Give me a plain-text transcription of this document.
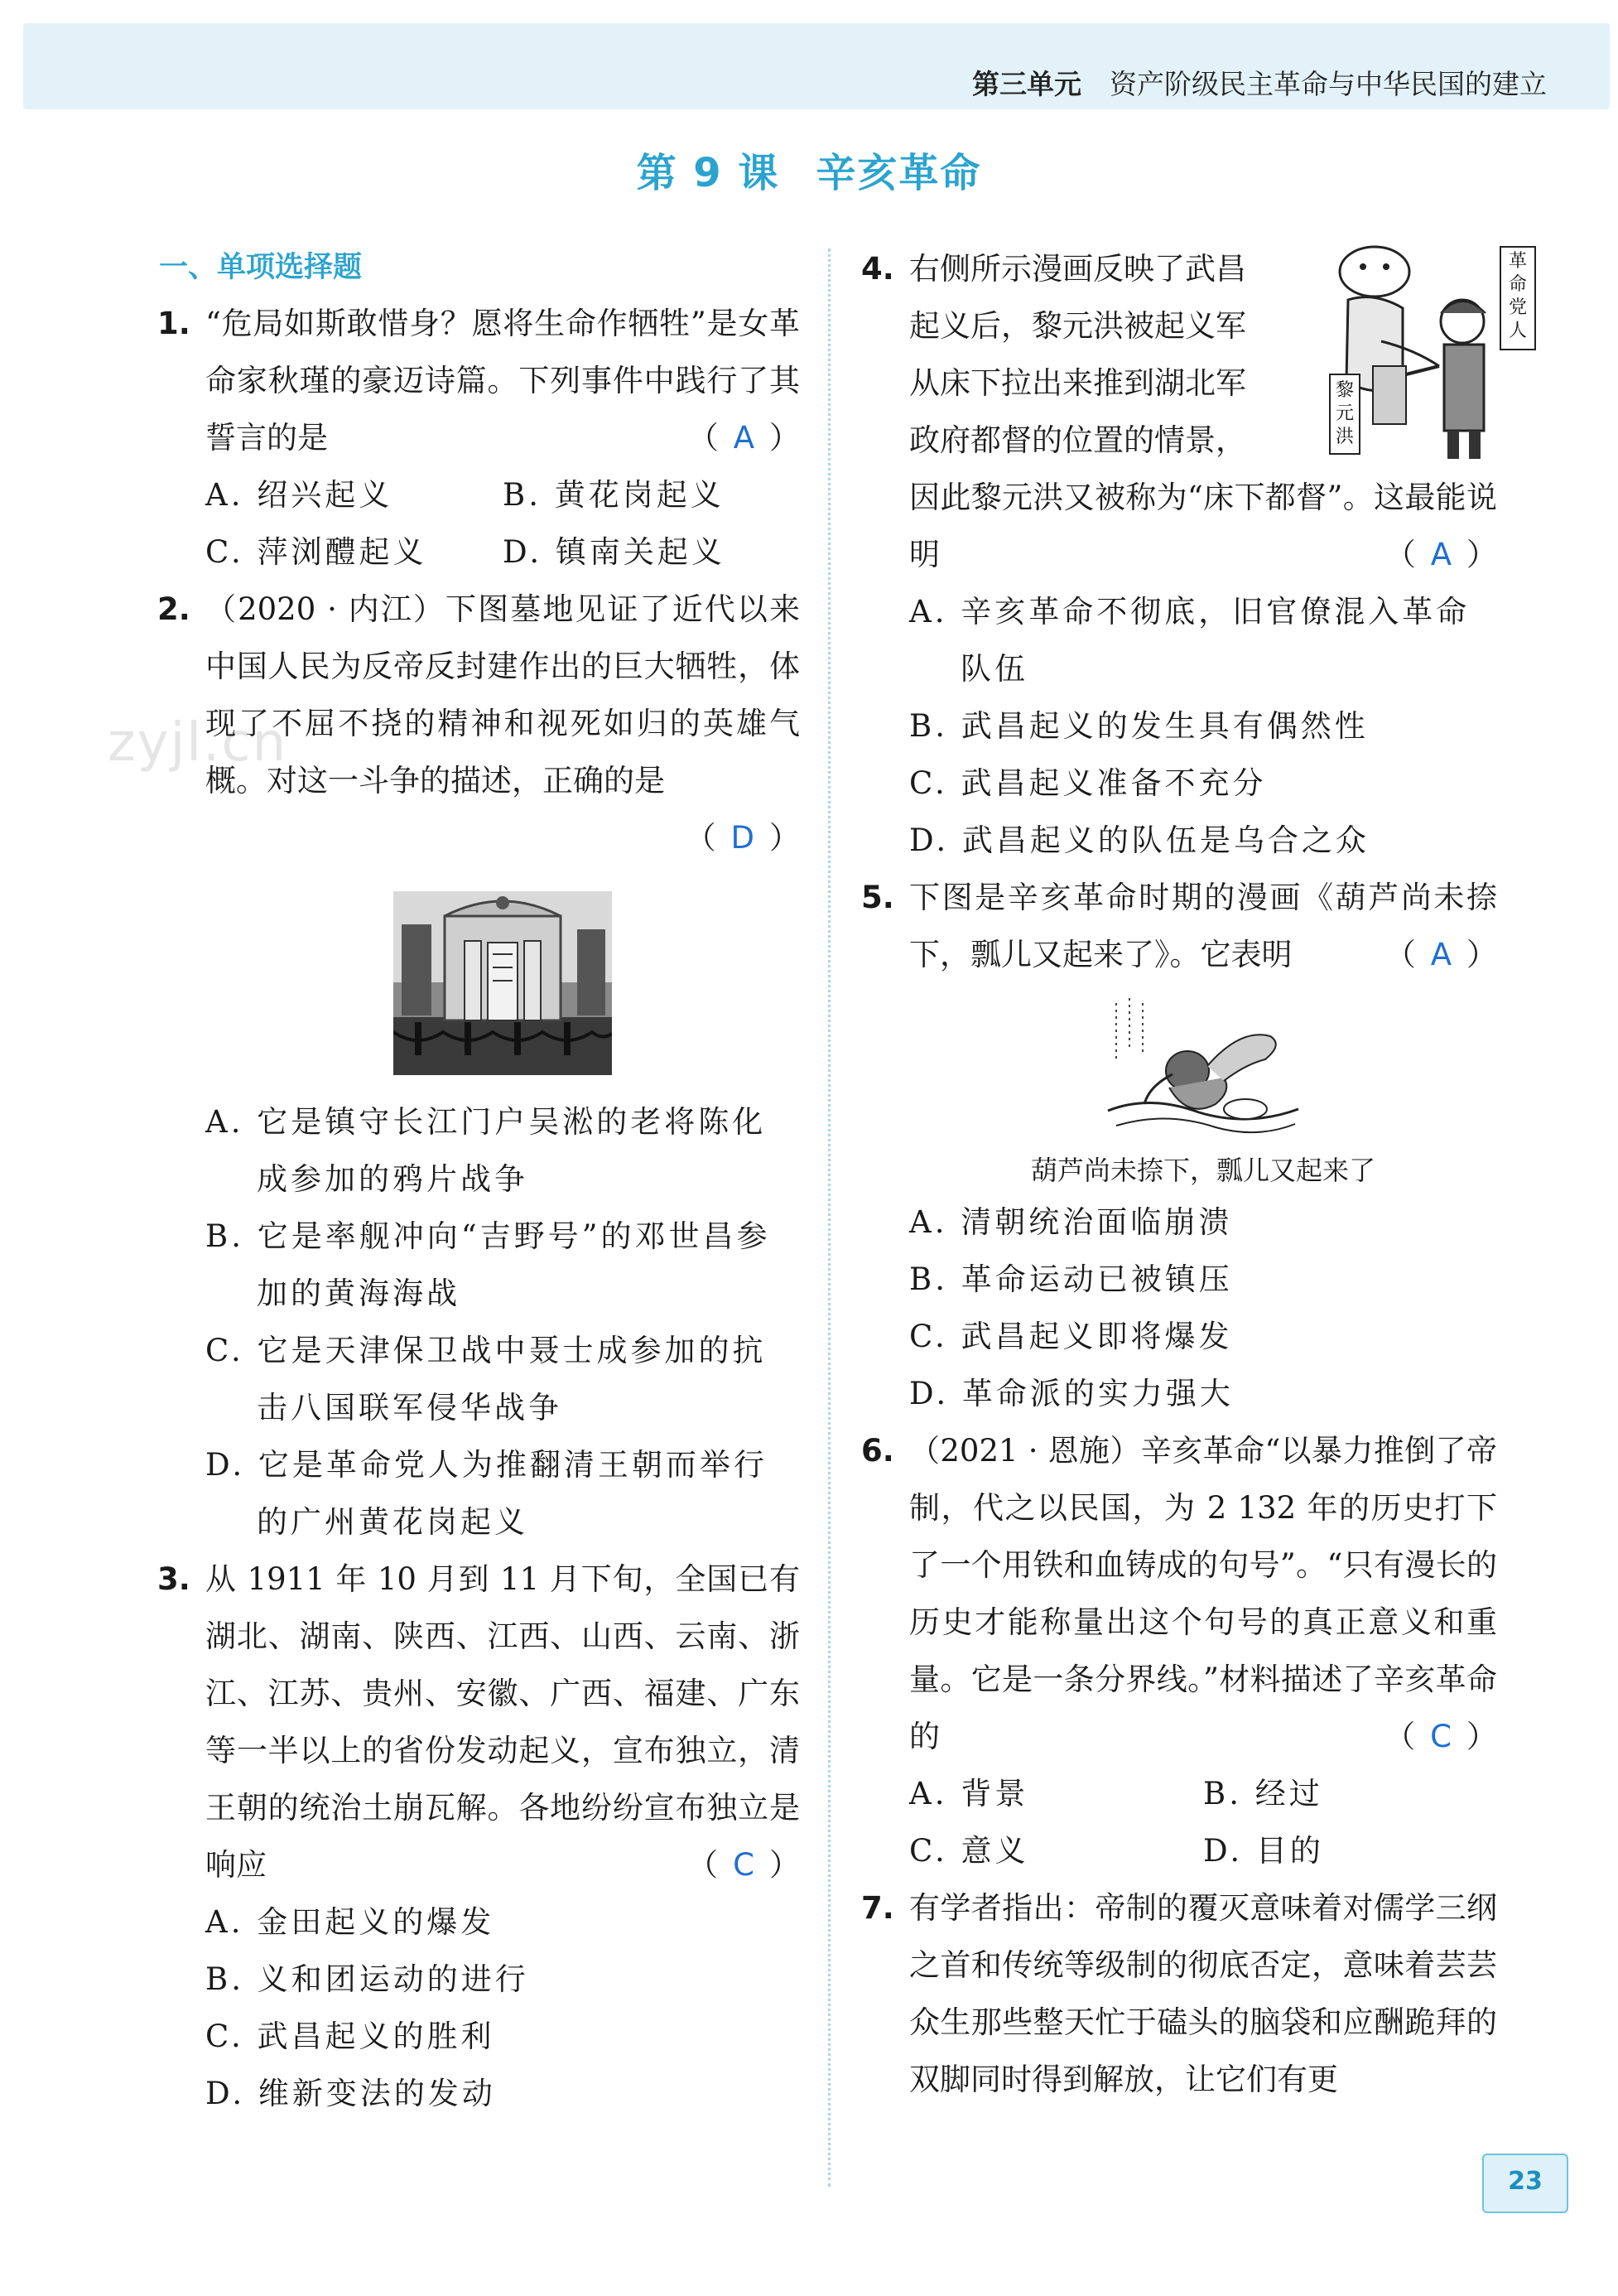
第三单元 资产阶级民主革命与中华民国的建立
第 9 课 辛亥革命
zyjl.cn
一、单项选择题
1. “危局如斯敢惜身？愿将生命作牺牲”是女革命家秋瑾的豪迈诗篇。下列事件中践行了其誓言的是	（ A ）
A. 绍兴起义	B. 黄花岗起义
C. 萍浏醴起义	D. 镇南关起义
2. （2020 · 内江）下图墓地见证了近代以来中国人民为反帝反封建作出的巨大牺牲，体现了不屈不挠的精神和视死如归的英雄气概。对这一斗争的描述，正确的是
（ D ）
A. 它是镇守长江门户吴淞的老将陈化成参加的鸦片战争
B. 它是率舰冲向“吉野号”的邓世昌参加的黄海海战
C. 它是天津保卫战中聂士成参加的抗击八国联军侵华战争
D. 它是革命党人为推翻清王朝而举行的广州黄花岗起义
3. 从 1911 年 10 月到 11 月下旬，全国已有湖北、湖南、陕西、江西、山西、云南、浙江、江苏、贵州、安徽、广西、福建、广东等一半以上的省份发动起义，宣布独立，清王朝的统治土崩瓦解。各地纷纷宣布独立是响应	（ C ）
A. 金田起义的爆发
B. 义和团运动的进行
C. 武昌起义的胜利
D. 维新变法的发动
4. 右侧所示漫画反映了武昌
起义后，黎元洪被起义军
从床下拉出来推到湖北军
政府都督的位置的情景，
革
命
党
人
黎
元
洪
因此黎元洪又被称为“床下都督”。这最能说明	（ A ）
A. 辛亥革命不彻底，旧官僚混入革命队伍
B. 武昌起义的发生具有偶然性
C. 武昌起义准备不充分
D. 武昌起义的队伍是乌合之众
5. 下图是辛亥革命时期的漫画《葫芦尚未捺下，瓢儿又起来了》。它表明	（ A ）
葫芦尚未捺下，瓢儿又起来了
A. 清朝统治面临崩溃
B. 革命运动已被镇压
C. 武昌起义即将爆发
D. 革命派的实力强大
6. （2021 · 恩施）辛亥革命“以暴力推倒了帝制，代之以民国，为 2 132 年的历史打下了一个用铁和血铸成的句号”。“只有漫长的历史才能称量出这个句号的真正意义和重量。它是一条分界线。”材料描述了辛亥革命的	（ C ）
A. 背景	B. 经过
C. 意义	D. 目的
7. 有学者指出：帝制的覆灭意味着对儒学三纲之首和传统等级制的彻底否定，意味着芸芸众生那些整天忙于磕头的脑袋和应酬跪拜的双脚同时得到解放，让它们有更
23
